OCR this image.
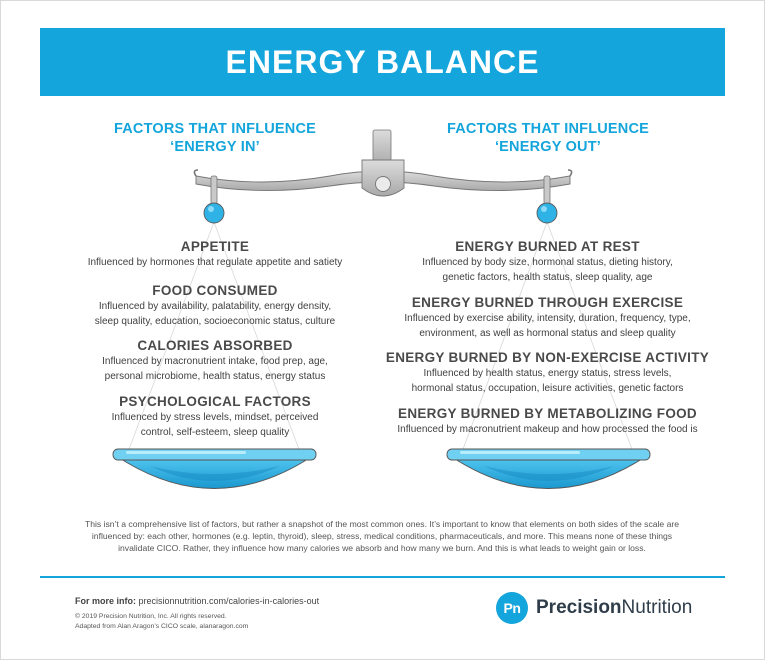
ENERGY BALANCE
FACTORS THAT INFLUENCE
‘ENERGY IN’
FACTORS THAT INFLUENCE
‘ENERGY OUT’
APPETITE
Influenced by hormones that regulate appetite and satiety
FOOD CONSUMED
Influenced by availability, palatability, energy density,
sleep quality, education, socioeconomic status, culture
CALORIES ABSORBED
Influenced by macronutrient intake, food prep, age,
personal microbiome, health status, energy status
PSYCHOLOGICAL FACTORS
Influenced by stress levels, mindset, perceived
control, self-esteem, sleep quality
ENERGY BURNED AT REST
Influenced by body size, hormonal status, dieting history,
genetic factors, health status, sleep quality, age
ENERGY BURNED THROUGH EXERCISE
Influenced by exercise ability, intensity, duration, frequency, type,
environment, as well as hormonal status and sleep quality
ENERGY BURNED BY NON-EXERCISE ACTIVITY
Influenced by health status, energy status, stress levels,
hormonal status, occupation, leisure activities, genetic factors
ENERGY BURNED BY METABOLIZING FOOD
Influenced by macronutrient makeup and how processed the food is
This isn’t a comprehensive list of factors, but rather a snapshot of the most common ones. It’s important to know that elements on both sides of the scale are
influenced by: each other, hormones (e.g. leptin, thyroid), sleep, stress, medical conditions, pharmaceuticals, and more. This means none of these things
invalidate CICO. Rather, they influence how many calories we absorb and how many we burn. And this is what leads to weight gain or loss.
For more info: precisionnutrition.com/calories-in-calories-out
© 2019 Precision Nutrition, Inc. All rights reserved.
Adapted from Alan Aragon’s CICO scale, alanaragon.com
Pn PrecisionNutrition
